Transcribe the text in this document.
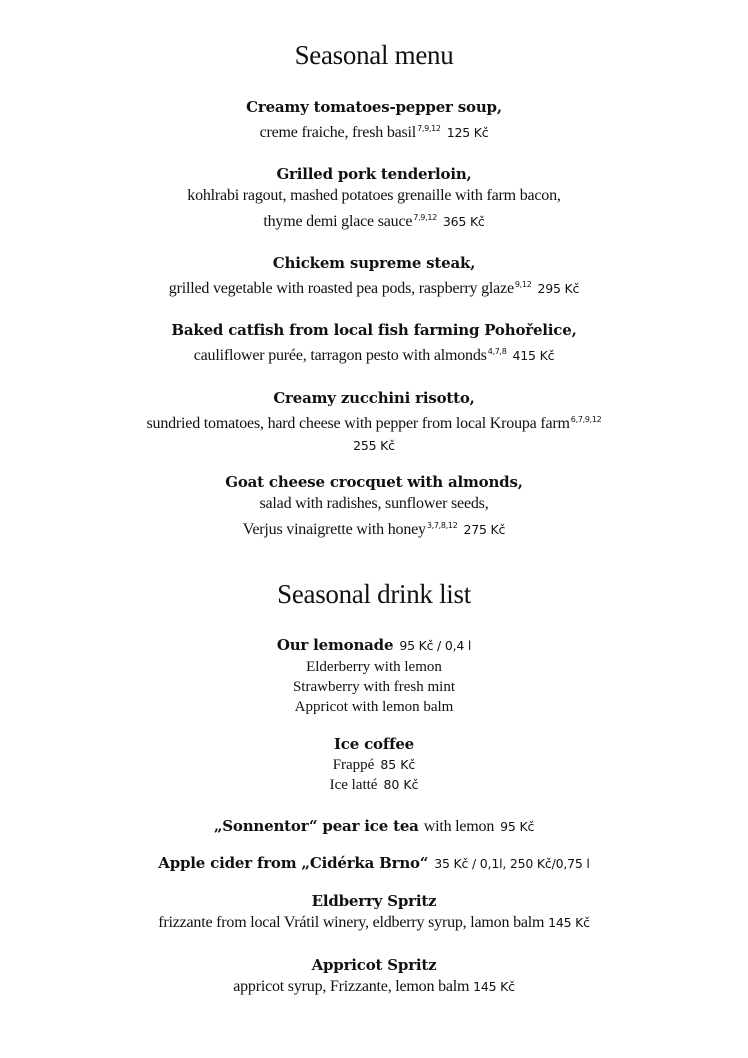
Seasonal menu
Creamy tomatoes-pepper soup,
creme fraiche, fresh basil$^{7,9,12}$ 125 Kč
Grilled pork tenderloin,
kohlrabi ragout, mashed potatoes grenaille with farm bacon,
thyme demi glace sauce$^{7,9,12}$ 365 Kč
Chickem supreme steak,
grilled vegetable with roasted pea pods, raspberry glaze$^{9,12}$ 295 Kč
Baked catfish from local fish farming Pohořelice,
cauliflower purée, tarragon pesto with almonds$^{4,7,8}$ 415 Kč
Creamy zucchini risotto,
sundried tomatoes, hard cheese with pepper from local Kroupa farm$^{6,7,9,12}$
255 Kč
Goat cheese crocquet with almonds,
salad with radishes, sunflower seeds,
Verjus vinaigrette with honey$^{3,7,8,12}$ 275 Kč
Seasonal drink list
Our lemonade 95 Kč / 0,4 l
Elderberry with lemon
Strawberry with fresh mint
Appricot with lemon balm
Ice coffee
Frappé 85 Kč
Ice latté 80 Kč
„Sonnentor“ pear ice tea with lemon 95 Kč
Apple cider from „Cidérka Brno“ 35 Kč / 0,1l, 250 Kč/0,75 l
Eldberry Spritz
frizzante from local Vrátil winery, eldberry syrup, lamon balm 145 Kč
Appricot Spritz
appricot syrup, Frizzante, lemon balm 145 Kč
